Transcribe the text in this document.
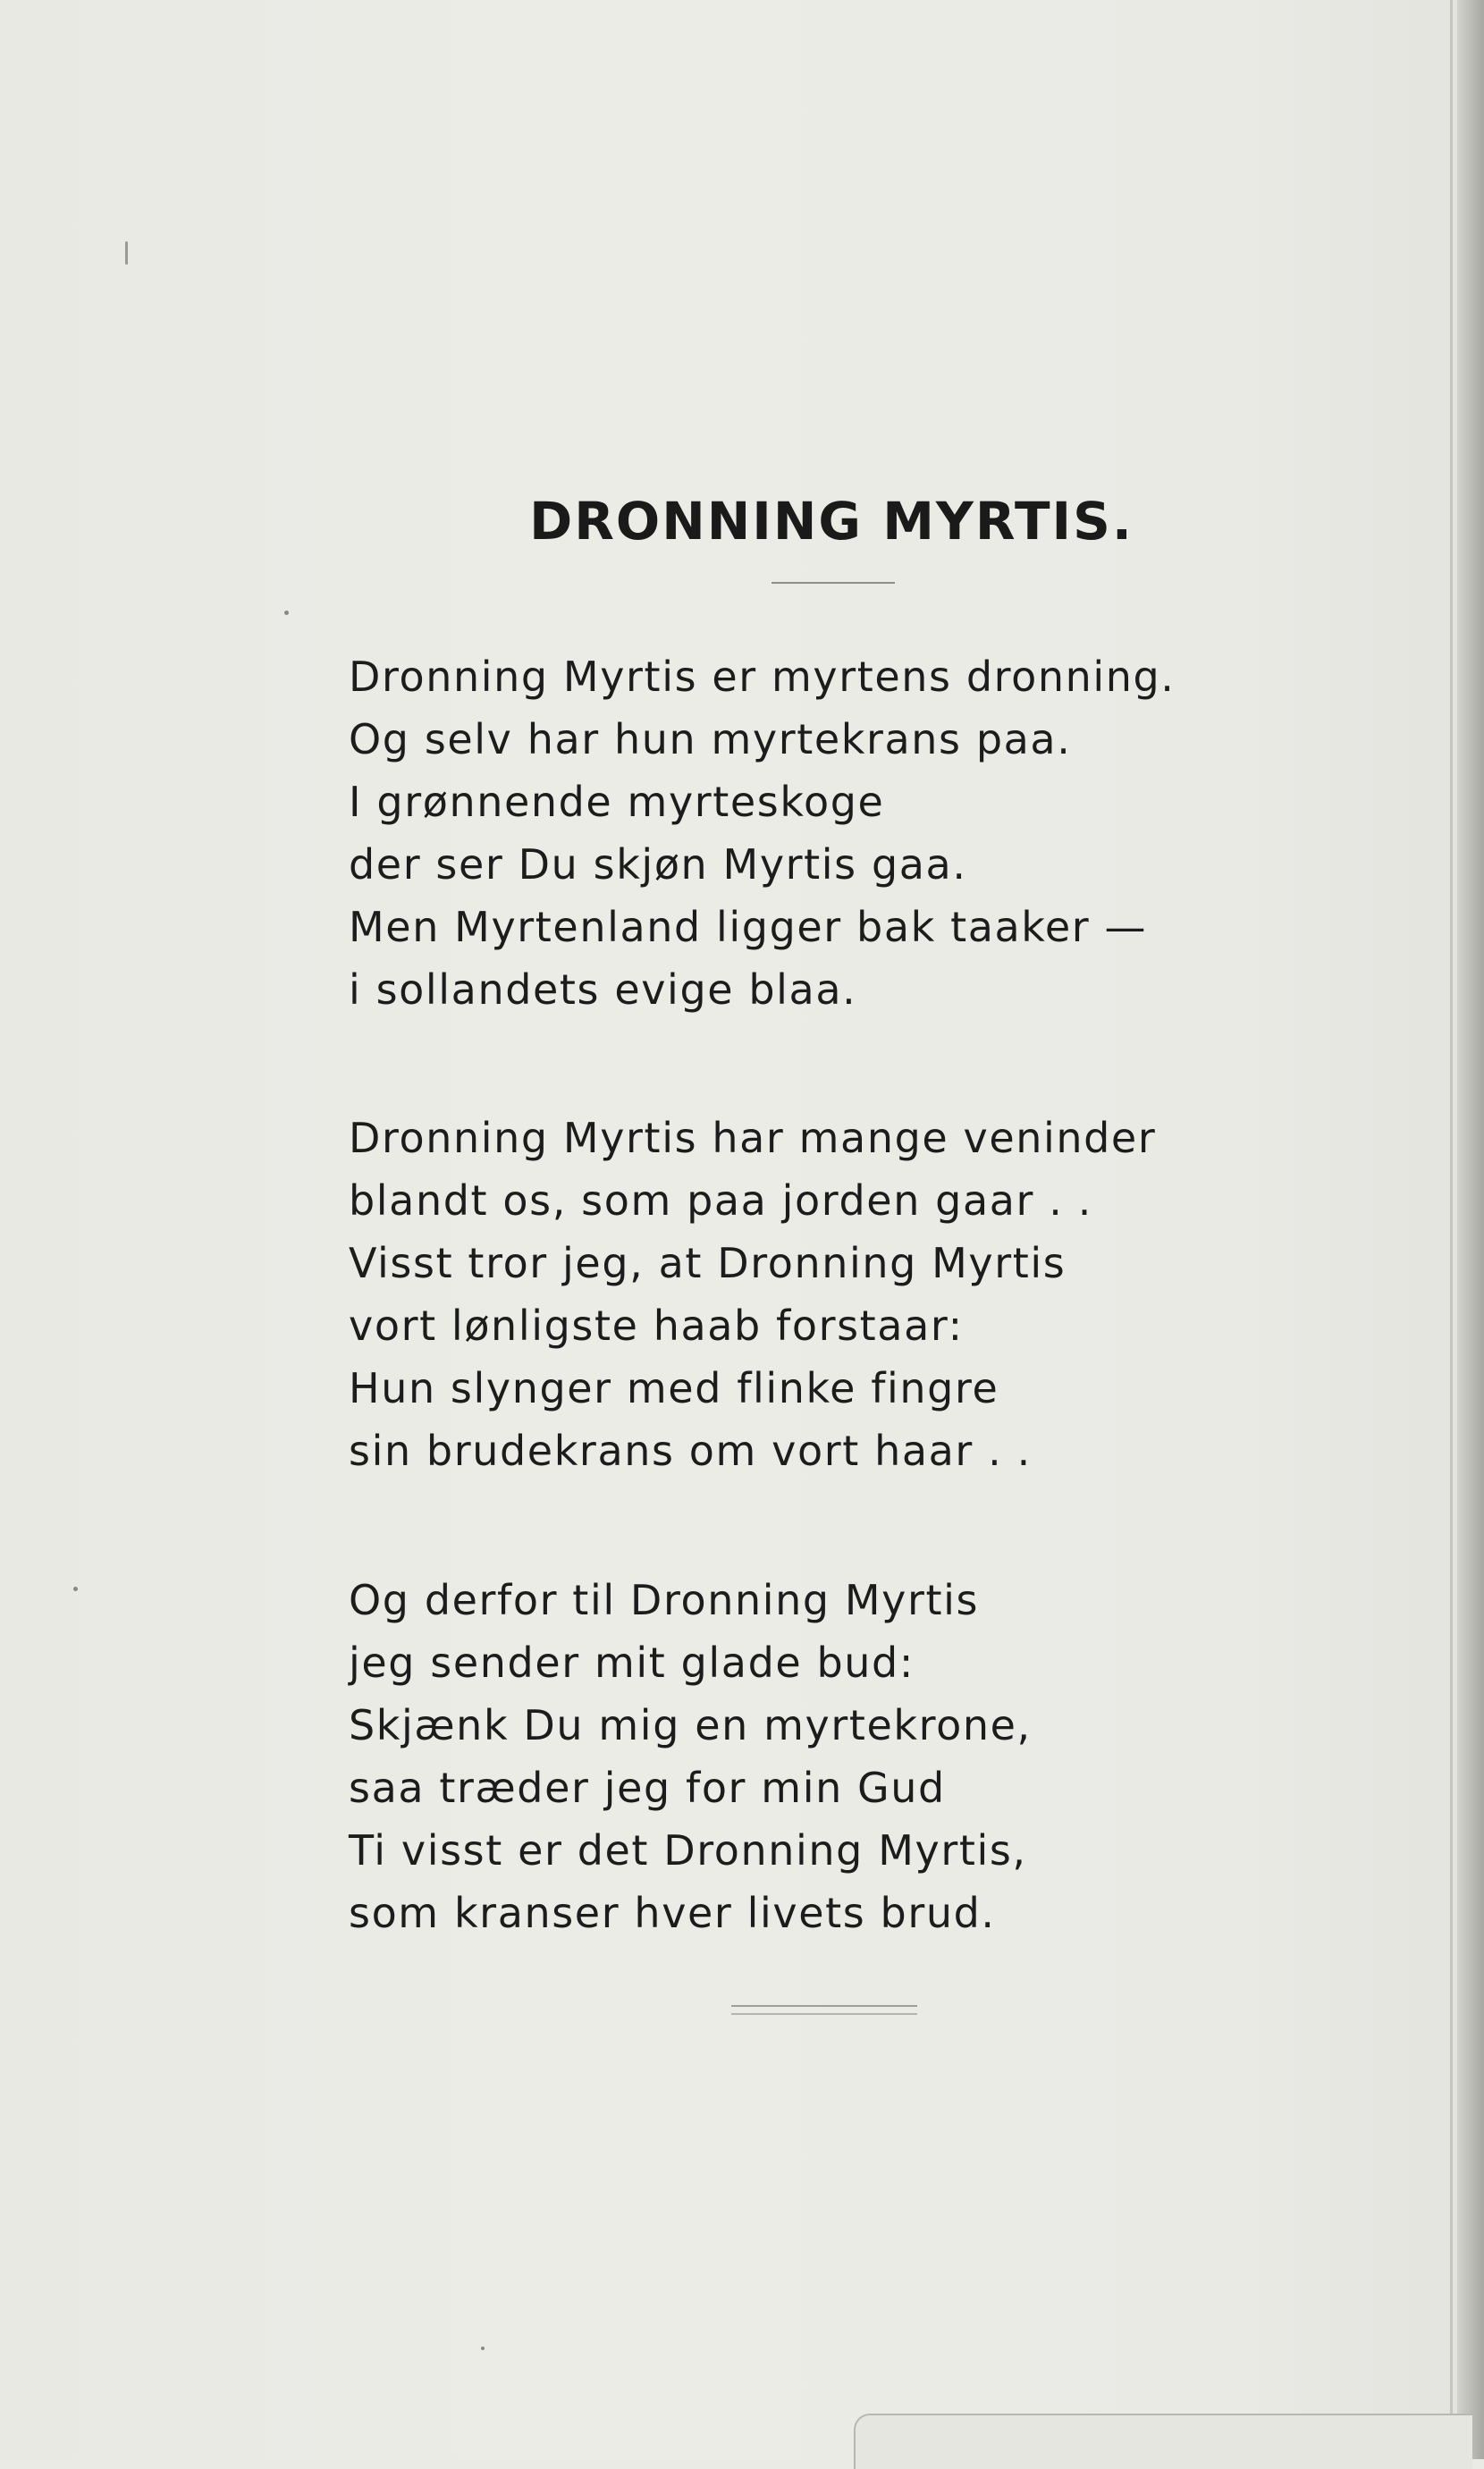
DRONNING MYRTIS.
Dronning Myrtis er myrtens dronning.
Og selv har hun myrtekrans paa.
I grønnende myrteskoge
der ser Du skjøn Myrtis gaa.
Men Myrtenland ligger bak taaker —
i sollandets evige blaa.
Dronning Myrtis har mange veninder
blandt os, som paa jorden gaar . .
Visst tror jeg, at Dronning Myrtis
vort lønligste haab forstaar:
Hun slynger med flinke fingre
sin brudekrans om vort haar . .
Og derfor til Dronning Myrtis
jeg sender mit glade bud:
Skjænk Du mig en myrtekrone,
saa træder jeg for min Gud
Ti visst er det Dronning Myrtis,
som kranser hver livets brud.
